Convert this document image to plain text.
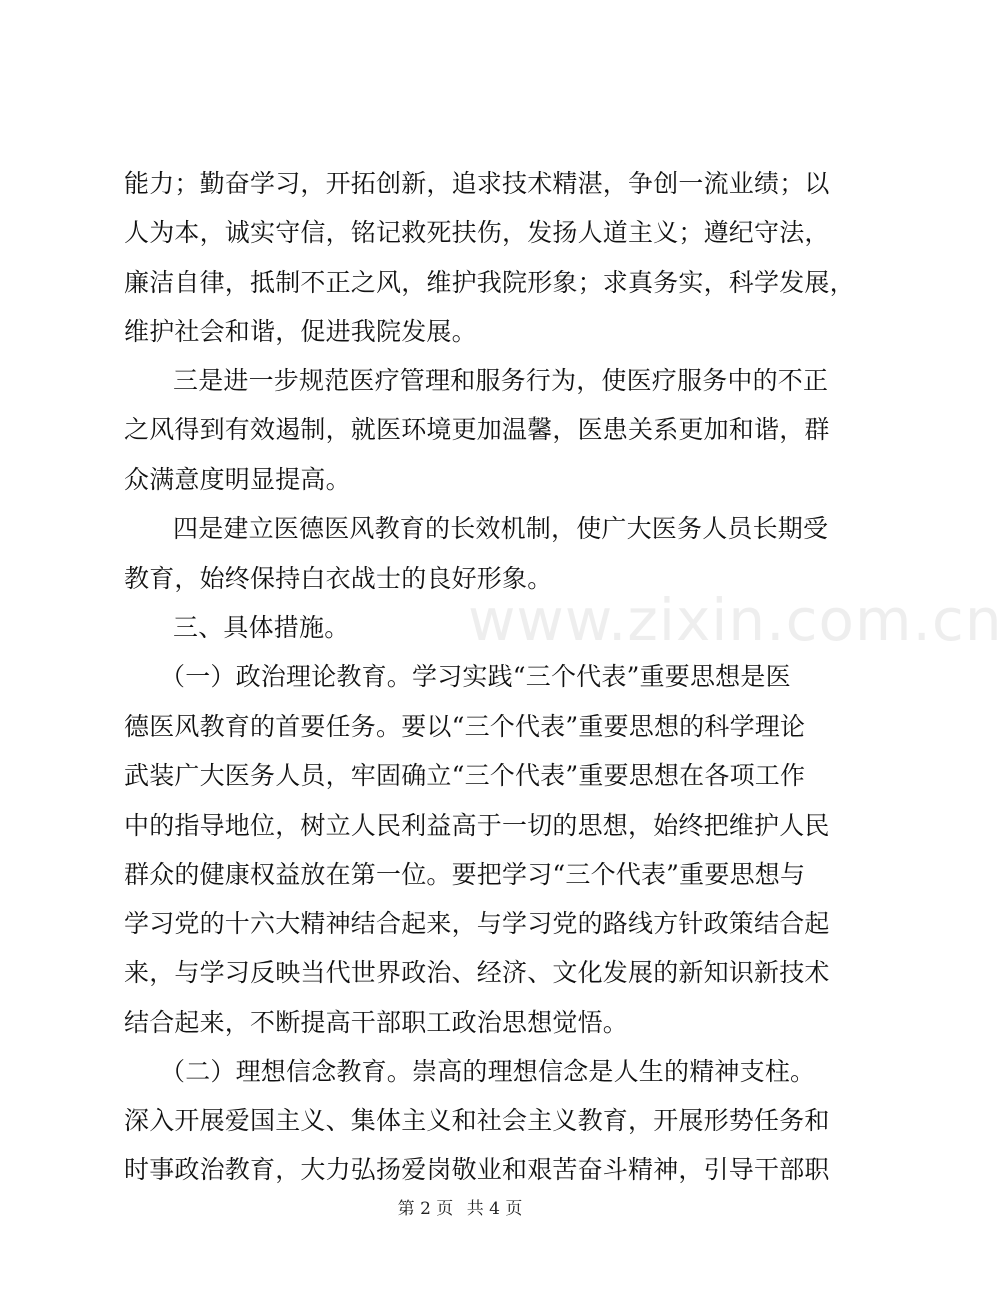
www.zixin.com.cn
能力；勤奋学习，开拓创新，追求技术精湛，争创一流业绩；以
人为本，诚实守信，铭记救死扶伤，发扬人道主义；遵纪守法，
廉洁自律，抵制不正之风，维护我院形象；求真务实，科学发展，
维护社会和谐，促进我院发展。
三是进一步规范医疗管理和服务行为，使医疗服务中的不正
之风得到有效遏制，就医环境更加温馨，医患关系更加和谐，群
众满意度明显提高。
四是建立医德医风教育的长效机制，使广大医务人员长期受
教育，始终保持白衣战士的良好形象。
三、具体措施。
（一）政治理论教育。学习实践“三个代表”重要思想是医
德医风教育的首要任务。要以“三个代表”重要思想的科学理论
武装广大医务人员，牢固确立“三个代表”重要思想在各项工作
中的指导地位，树立人民利益高于一切的思想，始终把维护人民
群众的健康权益放在第一位。要把学习“三个代表”重要思想与
学习党的十六大精神结合起来，与学习党的路线方针政策结合起
来，与学习反映当代世界政治、经济、文化发展的新知识新技术
结合起来，不断提高干部职工政治思想觉悟。
（二）理想信念教育。崇高的理想信念是人生的精神支柱。
深入开展爱国主义、集体主义和社会主义教育，开展形势任务和
时事政治教育，大力弘扬爱岗敬业和艰苦奋斗精神，引导干部职
第 2 页 共 4 页
